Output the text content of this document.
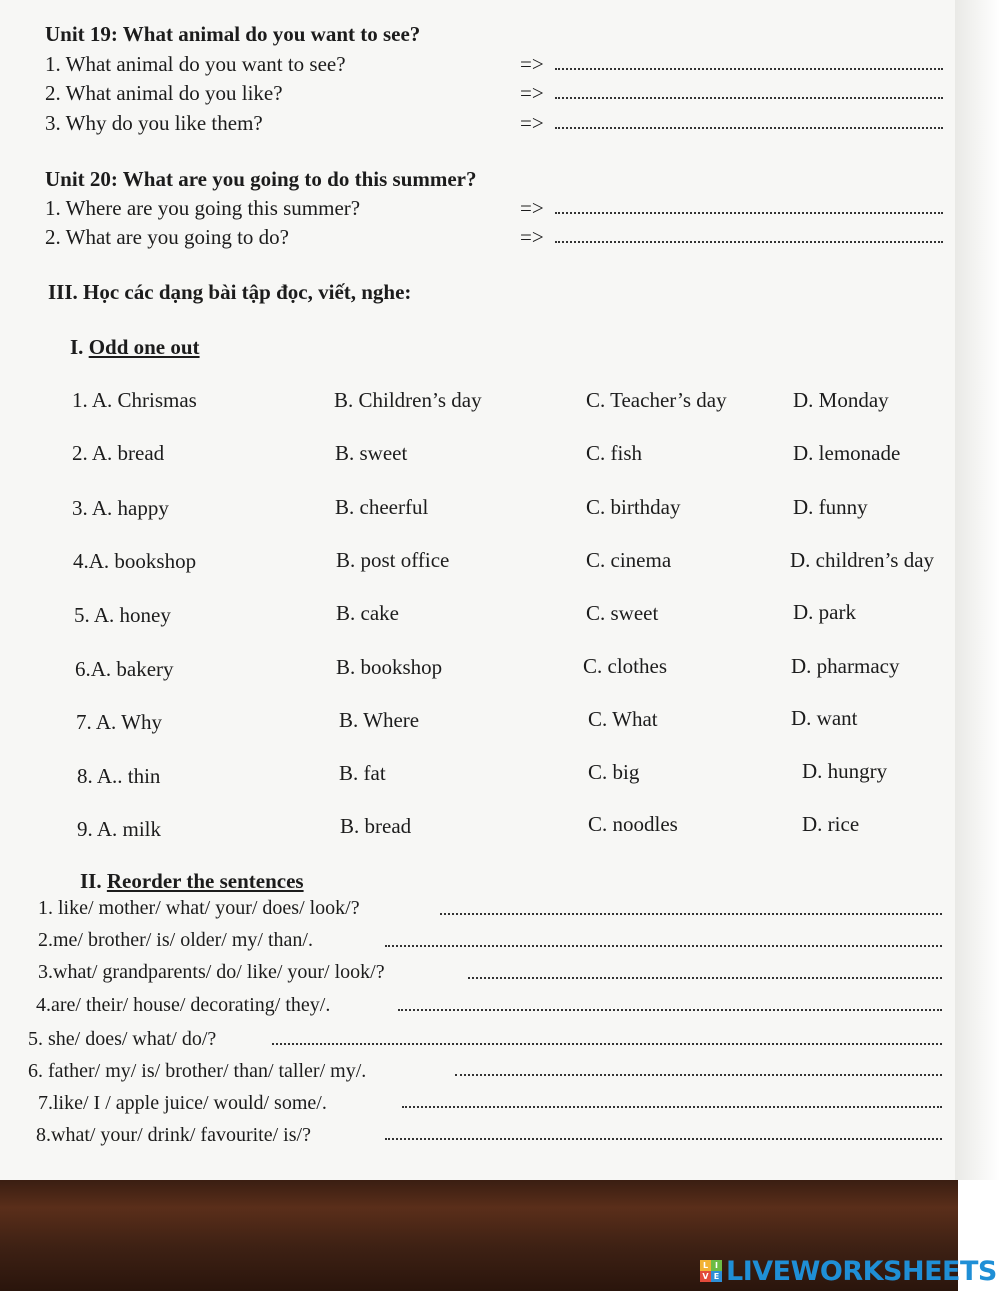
Unit 19: What animal do you want to see?
1. What animal do you want to see?	=>
2. What animal do you like?	=>
3. Why do you like them?	=>
Unit 20: What are you going to do this summer?
1. Where are you going this summer?	=>
2. What are you going to do?	=>
III. Học các dạng bài tập đọc, viết, nghe:
I. Odd one out
1. A. Chrismas	B. Children’s day	C. Teacher’s day	D. Monday
2. A. bread	B. sweet	C. fish	D. lemonade
3. A. happy	B. cheerful	C. birthday	D. funny
4.A. bookshop	B. post office	C. cinema	D. children’s day
5. A. honey	B. cake	C. sweet	D. park
6.A. bakery	B. bookshop	C. clothes	D. pharmacy
7. A. Why	B. Where	C. What	D. want
8. A.. thin	B. fat	C. big	D. hungry
9. A. milk	B. bread	C. noodles	D. rice
II. Reorder the sentences
1. like/ mother/ what/ your/ does/ look/?
2.me/ brother/ is/ older/ my/ than/.
3.what/ grandparents/ do/ like/ your/ look/?
4.are/ their/ house/ decorating/ they/.
5. she/ does/ what/ do/?
6. father/ my/ is/ brother/ than/ taller/ my/.
7.like/ I / apple juice/ would/ some/.
8.what/ your/ drink/ favourite/ is/?
L I
V E LIVEWORKSHEETS
